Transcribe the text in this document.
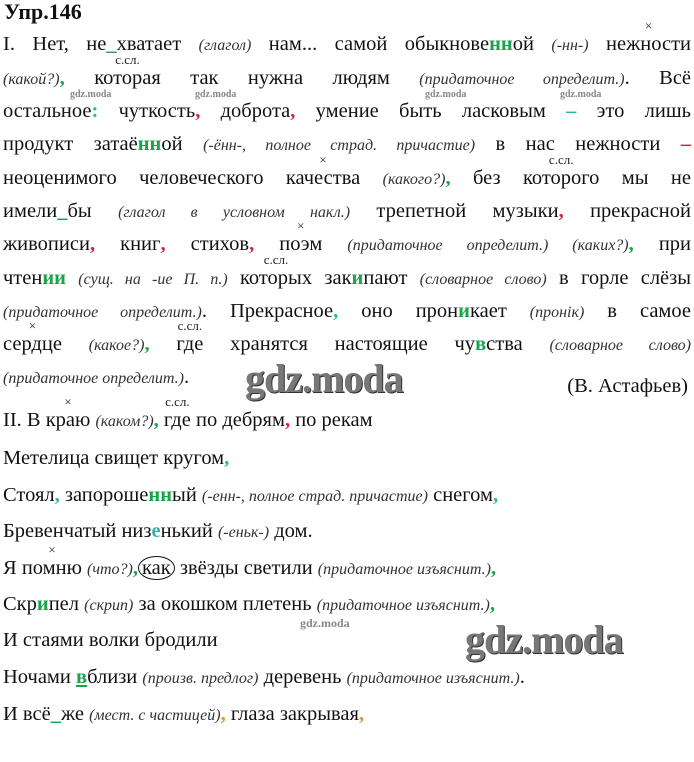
Упр.146
I. Нет, не_хватает (глагол) нам... самой обыкновенной (-нн-) нежности
×
(какой?), которая
с.сл.
так нужна людям (придаточное определит.). Всё
остальное: чуткость, доброта, умение быть ласковым – это лишь
продукт затаённой (-ённ-, полное страд. причастие) в нас нежности –
неоценимого человеческого качества
×
(какого?), без которого
с.сл.
мы не
имели_бы (глагол в условном накл.) трепетной музыки, прекрасной
живописи, книг, стихов, поэм
×
(придаточное определит.) (каких?), при
чтении (сущ. на -ие П. п.) которых
с.сл.
закипают (словарное слово) в горле слёзы
(придаточное определит.). Прекрасное, оно проникает (пронік) в самое
сердце
×
(какое?), где
с.сл.
хранятся настоящие чувства (словарное слово)
(придаточное определит.).
II. В краю
×
(каком?), где
с.сл.
по дебрям, по рекам
Метелица свищет кругом,
Стоял, запорошенный (-енн-, полное страд. причастие) снегом,
Бревенчатый низенький (-еньк-) дом.
Я помню
×
(что?), как звёзды светили (придаточное изъяснит.),
Скрипел (скрип) за окошком плетень (придаточное изъяснит.),
И стаями волки бродили
Ночами вблизи (произв. предлог) деревень (придаточное изъяснит.).
И всё_же (мест. с частицей), глаза закрывая,
(В. Астафьев)
gdz.moda
gdz.moda
gdz.moda	gdz.moda	gdz.moda	gdz.moda
gdz.moda
